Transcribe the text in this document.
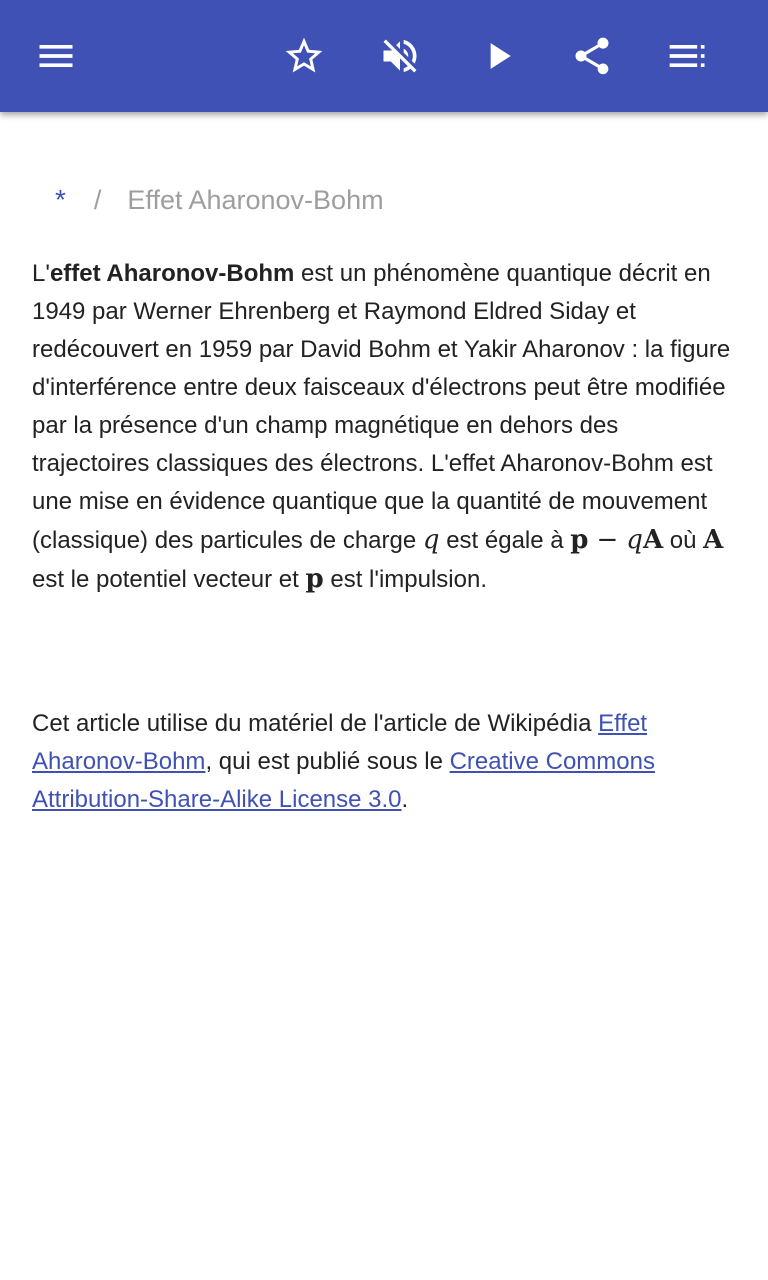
* / Effet Aharonov-Bohm

L'effet Aharonov-Bohm est un phénomène quantique décrit en 1949 par Werner Ehrenberg et Raymond Eldred Siday et redécouvert en 1959 par David Bohm et Yakir Aharonov : la figure d'interférence entre deux faisceaux d'électrons peut être modifiée par la présence d'un champ magnétique en dehors des trajectoires classiques des électrons. L'effet Aharonov-Bohm est une mise en évidence quantique que la quantité de mouvement (classique) des particules de charge q est égale à p − qA où A est le potentiel vecteur et p est l'impulsion.

Cet article utilise du matériel de l'article de Wikipédia Effet Aharonov-Bohm, qui est publié sous le Creative Commons Attribution-Share-Alike License 3.0.
